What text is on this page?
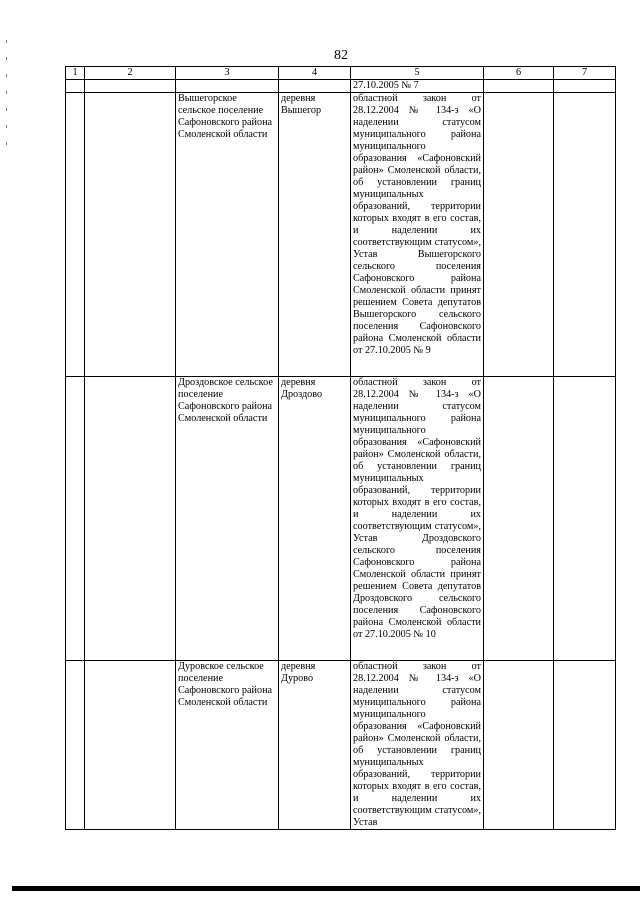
82
1	2	3	4	5	6	7
				27.10.2005 № 7		
		Вышегорское сельское поселение Сафоновского района Смоленской области	деревня Вышегор	областной закон от 28.12.2004 № 134-з «О наделении статусом муниципального района муниципального образования «Сафоновский район» Смоленской области, об установлении границ муниципальных образований, территории которых входят в его состав, и наделении их соответствующим статусом», Устав Вышегорского сельского поселения Сафоновского района Смоленской области принят решением Совета депутатов Вышегорского сельского поселения Сафоновского района Смоленской области от 27.10.2005 № 9		
		Дроздовское сельское поселение Сафоновского района Смоленской области	деревня Дроздово	областной закон от 28.12.2004 № 134-з «О наделении статусом муниципального района муниципального образования «Сафоновский район» Смоленской области, об установлении границ муниципальных образований, территории которых входят в его состав, и наделении их соответствующим статусом», Устав Дроздовского сельского поселения Сафоновского района Смоленской области принят решением Совета депутатов Дроздовского сельского поселения Сафоновского района Смоленской области от 27.10.2005 № 10		
		Дуровское сельское поселение Сафоновского района Смоленской области	деревня Дурово	областной закон от 28.12.2004 № 134-з «О наделении статусом муниципального района муниципального образования «Сафоновский район» Смоленской области, об установлении границ муниципальных образований, территории которых входят в его состав, и наделении их соответствующим статусом», Устав		
